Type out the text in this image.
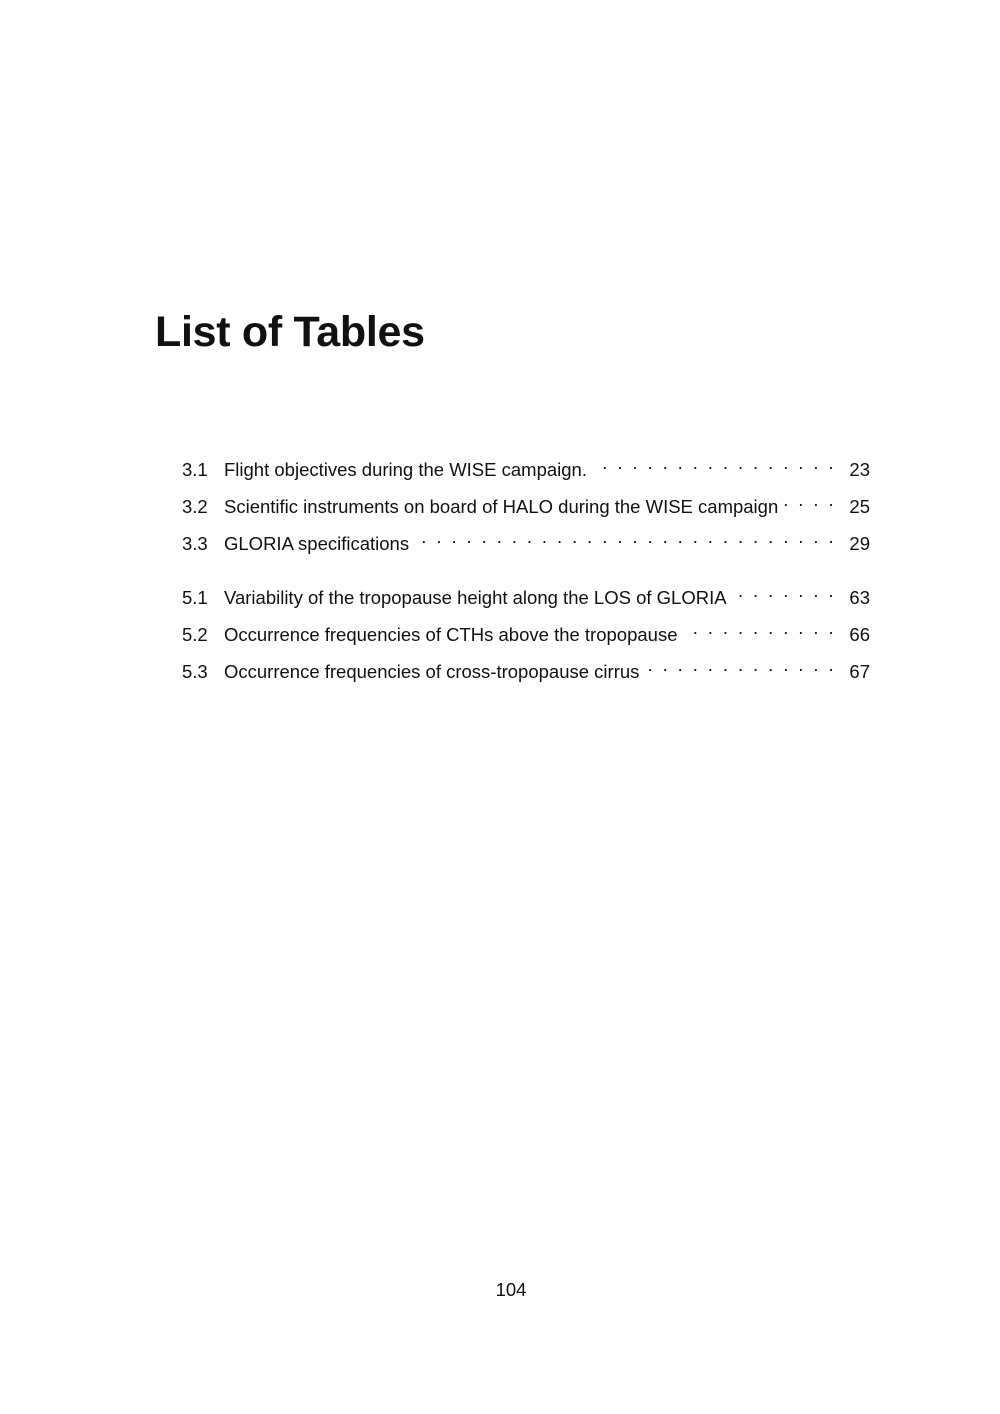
List of Tables
3.1 Flight objectives during the WISE campaign. . . .	23
3.2 Scientific instruments on board of HALO during the WISE campaign . . .	25
3.3 GLORIA specifications . . .	29
5.1 Variability of the tropopause height along the LOS of GLORIA . . .	63
5.2 Occurrence frequencies of CTHs above the tropopause . . .	66
5.3 Occurrence frequencies of cross-tropopause cirrus . . .	67
104
